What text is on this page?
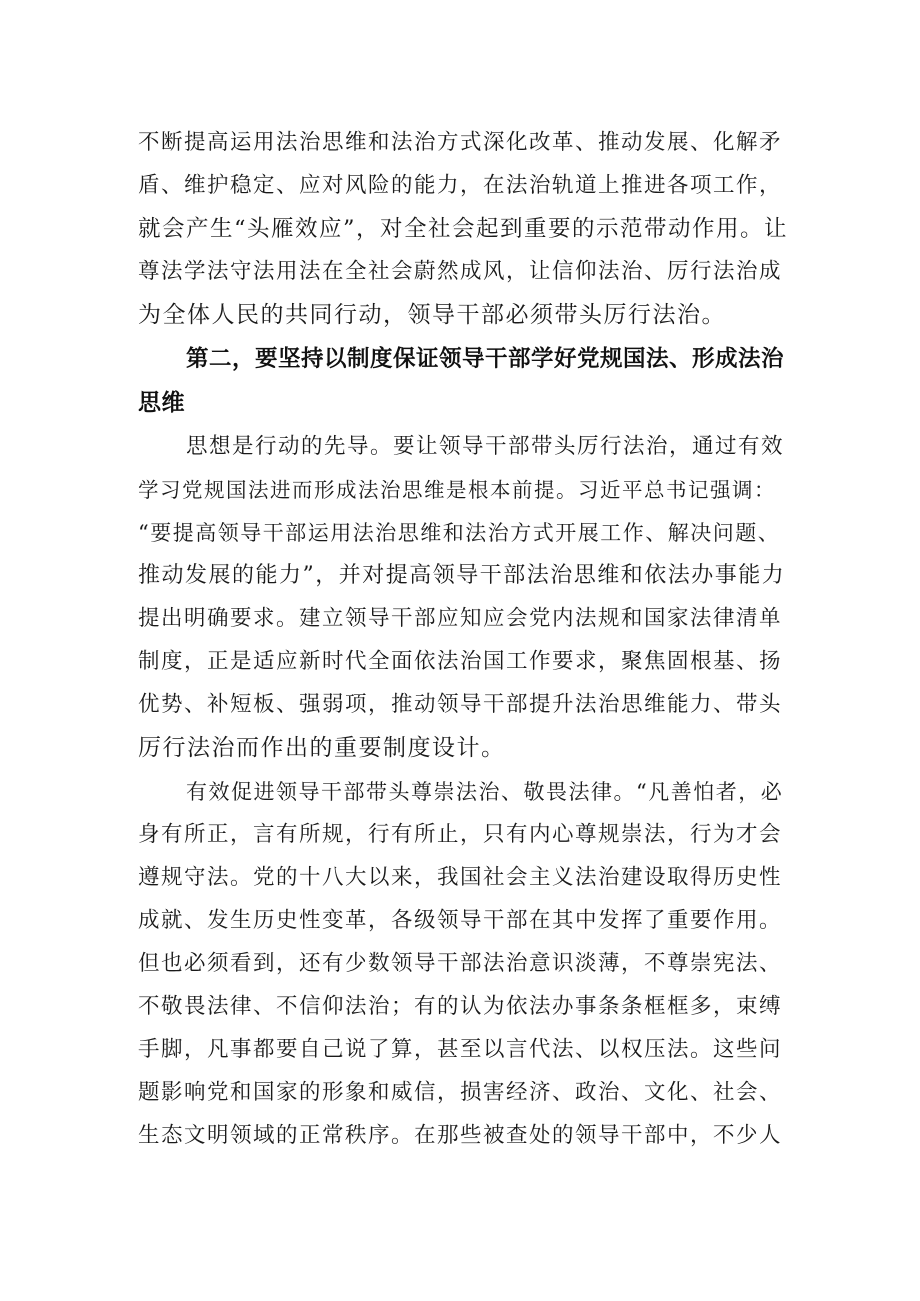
不断提高运用法治思维和法治方式深化改革、推动发展、化解矛
盾、维护稳定、应对风险的能力，在法治轨道上推进各项工作，
就会产生“头雁效应”，对全社会起到重要的示范带动作用。让
尊法学法守法用法在全社会蔚然成风，让信仰法治、厉行法治成
为全体人民的共同行动，领导干部必须带头厉行法治。
第二，要坚持以制度保证领导干部学好党规国法、形成法治
思维
思想是行动的先导。要让领导干部带头厉行法治，通过有效
学习党规国法进而形成法治思维是根本前提。习近平总书记强调：
“要提高领导干部运用法治思维和法治方式开展工作、解决问题、
推动发展的能力”，并对提高领导干部法治思维和依法办事能力
提出明确要求。建立领导干部应知应会党内法规和国家法律清单
制度，正是适应新时代全面依法治国工作要求，聚焦固根基、扬
优势、补短板、强弱项，推动领导干部提升法治思维能力、带头
厉行法治而作出的重要制度设计。
有效促进领导干部带头尊崇法治、敬畏法律。“凡善怕者，必
身有所正，言有所规，行有所止，只有内心尊规崇法，行为才会
遵规守法。党的十八大以来，我国社会主义法治建设取得历史性
成就、发生历史性变革，各级领导干部在其中发挥了重要作用。
但也必须看到，还有少数领导干部法治意识淡薄，不尊崇宪法、
不敬畏法律、不信仰法治；有的认为依法办事条条框框多，束缚
手脚，凡事都要自己说了算，甚至以言代法、以权压法。这些问
题影响党和国家的形象和威信，损害经济、政治、文化、社会、
生态文明领域的正常秩序。在那些被查处的领导干部中，不少人
